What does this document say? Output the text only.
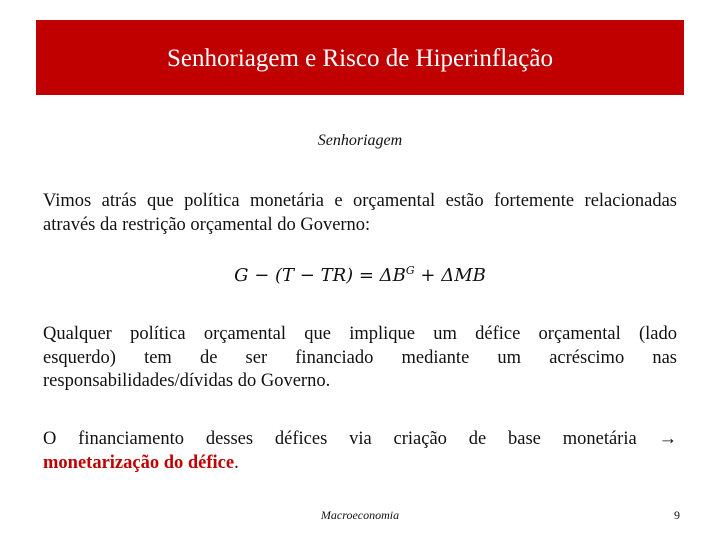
Senhoriagem e Risco de Hiperinflação
Senhoriagem
Vimos atrás que política monetária e orçamental estão fortemente relacionadas
através da restrição orçamental do Governo:
$G - (T - TR) = \Delta B^G + \Delta MB$
Qualquer política orçamental que implique um défice orçamental (lado
esquerdo) tem de ser financiado mediante um acréscimo nas
responsabilidades/dívidas do Governo.
O financiamento desses défices via criação de base monetária →
monetarização do défice.
Macroeconomia	9
